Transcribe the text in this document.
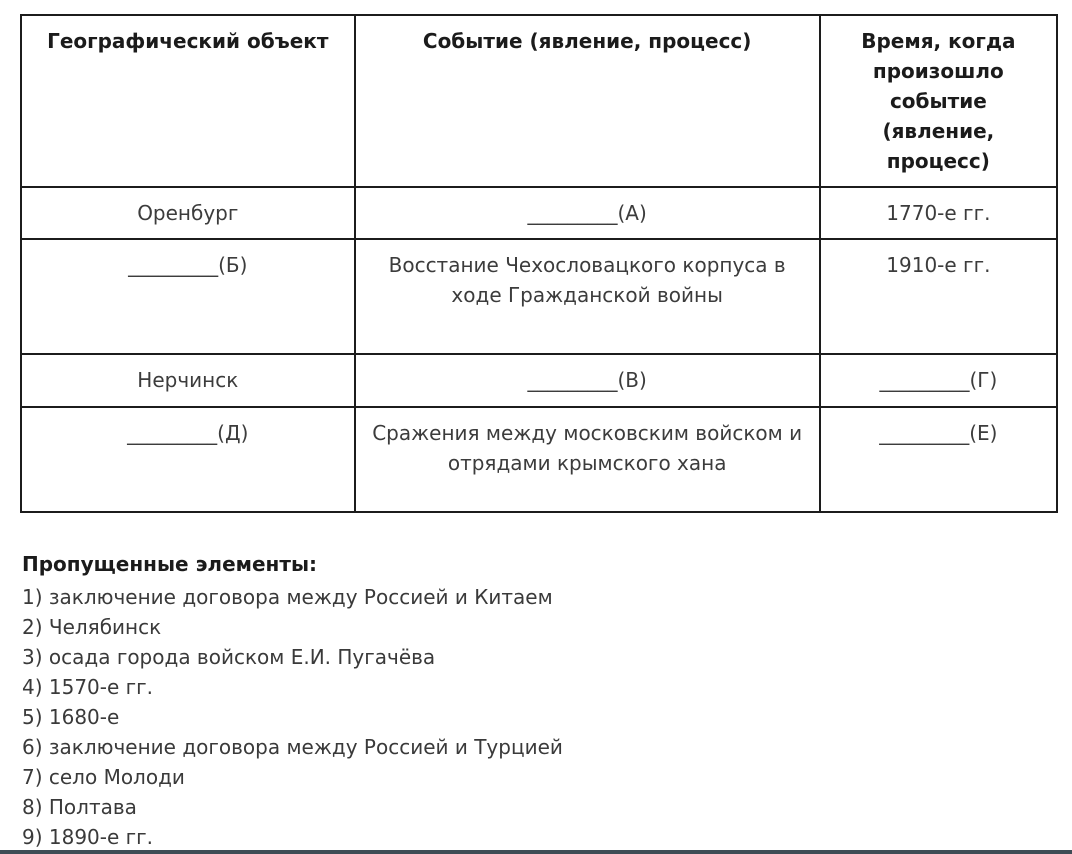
Географический объект	Событие (явление, процесс)	Время, когда произошло событие (явление, процесс)
Оренбург	_________(А)	1770-е гг.
_________(Б)	Восстание Чехословацкого корпуса в ходе Гражданской войны	1910-е гг.
Нерчинск	_________(В)	_________(Г)
_________(Д)	Сражения между московским войском и отрядами крымского хана	_________(Е)
Пропущенные элементы:
1) заключение договора между Россией и Китаем
2) Челябинск
3) осада города войском Е.И. Пугачёва
4) 1570-е гг.
5) 1680-е
6) заключение договора между Россией и Турцией
7) село Молоди
8) Полтава
9) 1890-е гг.
